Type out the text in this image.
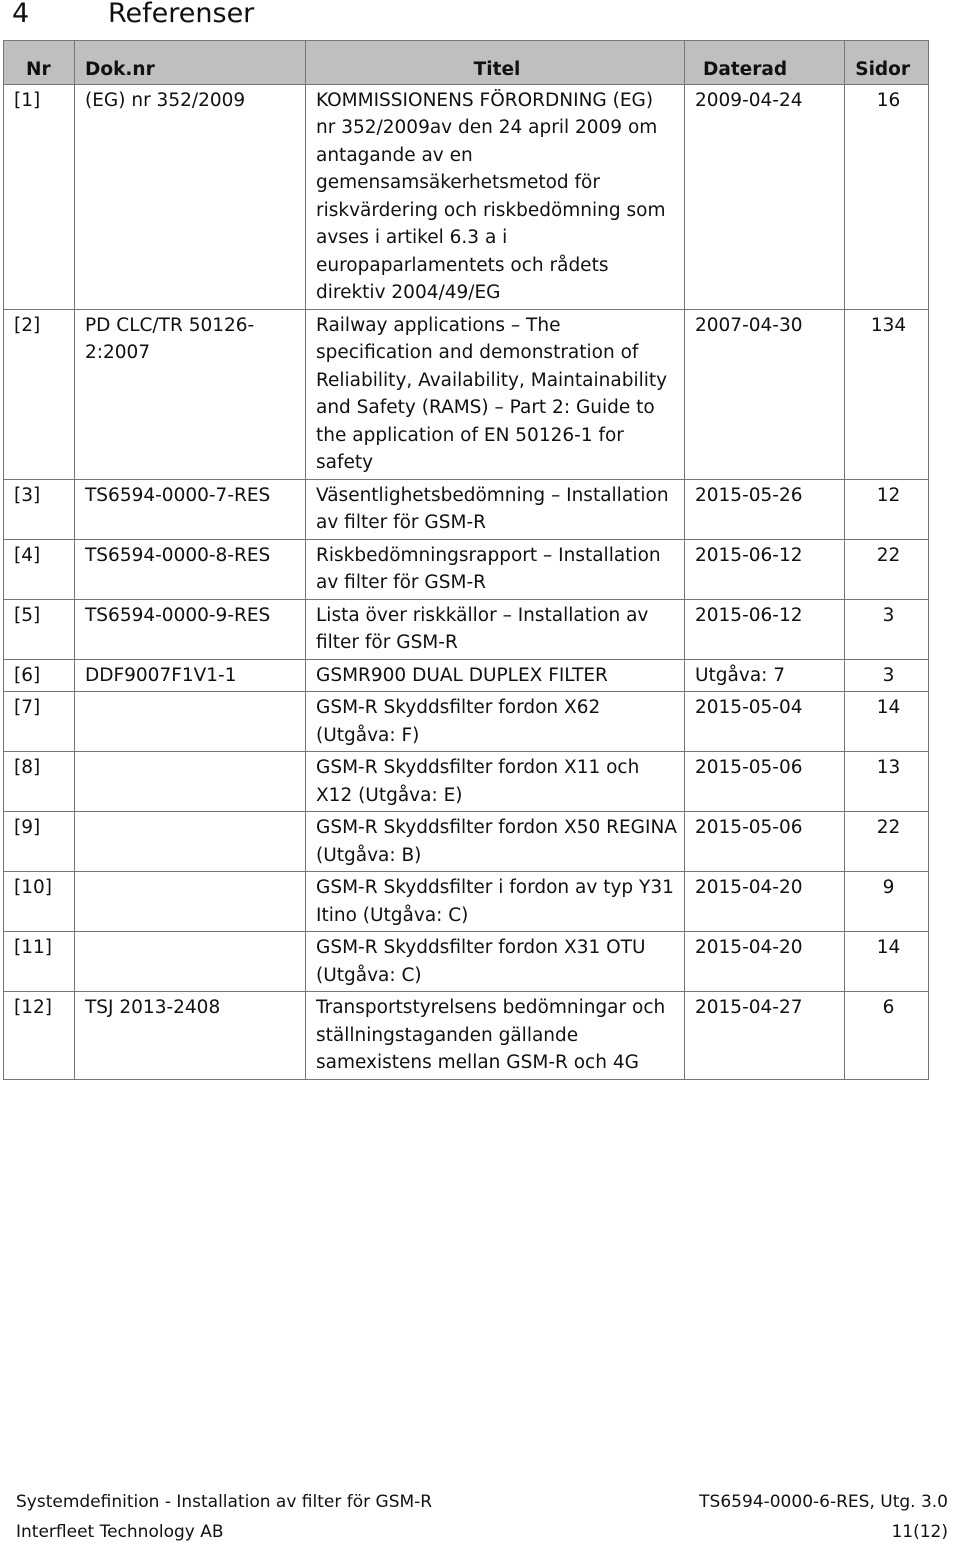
4	Referenser
Nr	Dok.nr	Titel	Daterad	Sidor
[1]	(EG) nr 352/2009	KOMMISSIONENS FÖRORDNING (EG) nr 352/2009av den 24 april 2009 om antagande av en gemensamsäkerhetsmetod för riskvärdering och riskbedömning som avses i artikel 6.3 a i europaparlamentets och rådets direktiv 2004/49/EG	2009-04-24	16
[2]	PD CLC/TR 50126-2:2007	Railway applications – The specification and demonstration of Reliability, Availability, Maintainability and Safety (RAMS) – Part 2: Guide to the application of EN 50126-1 for safety	2007-04-30	134
[3]	TS6594-0000-7-RES	Väsentlighetsbedömning – Installation av filter för GSM-R	2015-05-26	12
[4]	TS6594-0000-8-RES	Riskbedömningsrapport – Installation av filter för GSM-R	2015-06-12	22
[5]	TS6594-0000-9-RES	Lista över riskkällor – Installation av filter för GSM-R	2015-06-12	3
[6]	DDF9007F1V1-1	GSMR900 DUAL DUPLEX FILTER	Utgåva: 7	3
[7]		GSM-R Skyddsfilter fordon X62 (Utgåva: F)	2015-05-04	14
[8]		GSM-R Skyddsfilter fordon X11 och X12 (Utgåva: E)	2015-05-06	13
[9]		GSM-R Skyddsfilter fordon X50 REGINA (Utgåva: B)	2015-05-06	22
[10]		GSM-R Skyddsfilter i fordon av typ Y31 Itino (Utgåva: C)	2015-04-20	9
[11]		GSM-R Skyddsfilter fordon X31 OTU (Utgåva: C)	2015-04-20	14
[12]	TSJ 2013-2408	Transportstyrelsens bedömningar och ställningstaganden gällande samexistens mellan GSM-R och 4G	2015-04-27	6
Systemdefinition - Installation av filter för GSM-R	TS6594-0000-6-RES, Utg. 3.0
Interfleet Technology AB	11(12)
